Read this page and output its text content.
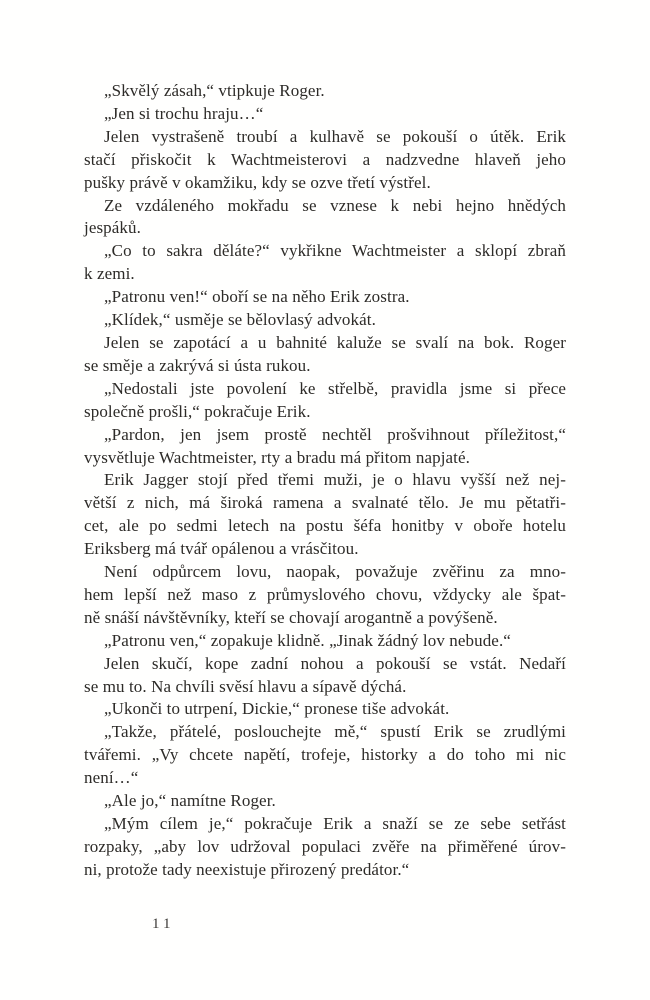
„Skvělý zásah,“ vtipkuje Roger.
„Jen si trochu hraju…“
Jelen vystrašeně troubí a kulhavě se pokouší o útěk. Erik
stačí přiskočit k Wachtmeisterovi a nadzvedne hlaveň jeho
pušky právě v okamžiku, kdy se ozve třetí výstřel.
Ze vzdáleného mokřadu se vznese k nebi hejno hnědých
jespáků.
„Co to sakra děláte?“ vykřikne Wachtmeister a sklopí zbraň
k zemi.
„Patronu ven!“ oboří se na něho Erik zostra.
„Klídek,“ usměje se bělovlasý advokát.
Jelen se zapotácí a u bahnité kaluže se svalí na bok. Roger
se směje a zakrývá si ústa rukou.
„Nedostali jste povolení ke střelbě, pravidla jsme si přece
společně prošli,“ pokračuje Erik.
„Pardon, jen jsem prostě nechtěl prošvihnout příležitost,“
vysvětluje Wachtmeister, rty a bradu má přitom napjaté.
Erik Jagger stojí před třemi muži, je o hlavu vyšší než nej-
větší z nich, má široká ramena a svalnaté tělo. Je mu pětatři-
cet, ale po sedmi letech na postu šéfa honitby v oboře hotelu
Eriksberg má tvář opálenou a vrásčitou.
Není odpůrcem lovu, naopak, považuje zvěřinu za mno-
hem lepší než maso z průmyslového chovu, vždycky ale špat-
ně snáší návštěvníky, kteří se chovají arogantně a povýšeně.
„Patronu ven,“ zopakuje klidně. „Jinak žádný lov nebude.“
Jelen skučí, kope zadní nohou a pokouší se vstát. Nedaří
se mu to. Na chvíli svěsí hlavu a sípavě dýchá.
„Ukonči to utrpení, Dickie,“ pronese tiše advokát.
„Takže, přátelé, poslouchejte mě,“ spustí Erik se zrudlými
tvářemi. „Vy chcete napětí, trofeje, historky a do toho mi nic
není…“
„Ale jo,“ namítne Roger.
„Mým cílem je,“ pokračuje Erik a snaží se ze sebe setřást
rozpaky, „aby lov udržoval populaci zvěře na přiměřené úrov-
ni, protože tady neexistuje přirozený predátor.“
11
